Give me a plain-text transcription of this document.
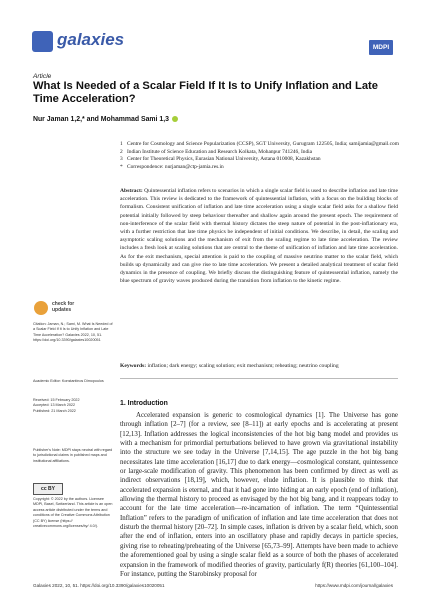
galaxies	MDPI
Article
What Is Needed of a Scalar Field If It Is to Unify Inflation and Late Time Acceleration?
Nur Jaman 1,2,* and Mohammad Sami 1,3
1 Centre for Cosmology and Science Popularization (CCSP), SGT University, Gurugram 122505, India; samijamia@gmail.com
2 Indian Institute of Science Education and Research Kolkata, Mohanpur 741246, India
3 Center for Theoretical Physics, Eurasian National University, Astana 010008, Kazakhstan
* Correspondence: nurjaman@ctp-jamia.res.in

Abstract: Quintessential inflation refers to scenarios in which a single scalar field is used to describe inflation and late time acceleration. This review is dedicated to the framework of quintessential inflation, with a focus on the building blocks of formalism. Consistent unification of inflation and late time acceleration using a single scalar field asks for a shallow field potential initially followed by steep behaviour thereafter and shallow again around the present epoch. The requirement of non-interference of the scalar field with thermal history dictates the steep nature of potential in the post-inflationary era, with a further restriction that late time physics be independent of initial conditions. We describe, in detail, the scaling and asymptotic scaling solutions and the mechanism of exit from the scaling regime to late time acceleration. The review includes a fresh look at scaling solutions that are central to the theme of unification of inflation and late time acceleration. As for the exit mechanism, special attention is paid to the coupling of massive neutrino matter to the scalar field, which builds up dynamically and can give rise to late time acceleration. We present a detailed analytical treatment of scalar field dynamics in the presence of coupling. We briefly discuss the distinguishing feature of quintessential inflation, namely the blue spectrum of gravity waves produced during the transition from inflation to the kinetic regime.

Keywords: inflation; dark energy; scaling solution; exit mechanism; reheating; neutrino coupling
check for updates
Citation: Jaman, N.; Sami, M. What Is Needed of a Scalar Field If It Is to Unify Inflation and Late Time Acceleration? Galaxies 2022, 10, 51. https://doi.org/10.3390/galaxies10020051
Academic Editor: Konstantinos Dimopoulos
Received: 15 February 2022
Accepted: 13 March 2022
Published: 21 March 2022
Publisher's Note: MDPI stays neutral with regard to jurisdictional claims in published maps and institutional affiliations.
cc BY
Copyright: © 2022 by the authors. Licensee MDPI, Basel, Switzerland. This article is an open access article distributed under the terms and conditions of the Creative Commons Attribution (CC BY) license (https:// creativecommons.org/licenses/by/ 4.0/).
1. Introduction

Accelerated expansion is generic to cosmological dynamics [1]. The Universe has gone through inflation [2–7] (for a review, see [8–11]) at early epochs and is accelerating at present [12,13]. Inflation addresses the logical inconsistencies of the hot big bang model and provides us with a mechanism for primordial perturbations believed to have grown via gravitational instability into the structure we see today in the Universe [7,14,15]. The age puzzle in the hot big bang necessitates late time acceleration [16,17] due to dark energy—cosmological constant, quintessence or large-scale modification of gravity. This phenomenon has been confirmed by direct as well as indirect observations [18,19], which, however, elude inflation. It is plausible to think that accelerated expansion is eternal, and that it had gone into hiding at an early epoch (end of inflation), allowing the thermal history to proceed as envisaged by the hot big bang, and it reappears today to account for the late time acceleration—re-incarnation of inflation. The term “Quintessential Inflation” refers to the paradigm of unification of inflation and late time acceleration that does not disturb the thermal history [20–72]. In simple cases, inflation is driven by a scalar field, which, soon after the end of inflation, enters into an oscillatory phase and rapidly decays in particle species, giving rise to reheating/preheating of the Universe [65,73–99]. Attempts have been made to achieve the aforementioned goal by using a single scalar field as a source of both the phases of accelerated expansion in the framework of modified theories of gravity, particularly f(R) theories [61,100–104]. For instance, putting the Starobinsky proposal for

Galaxies 2022, 10, 51. https://doi.org/10.3390/galaxies10020051	https://www.mdpi.com/journal/galaxies
